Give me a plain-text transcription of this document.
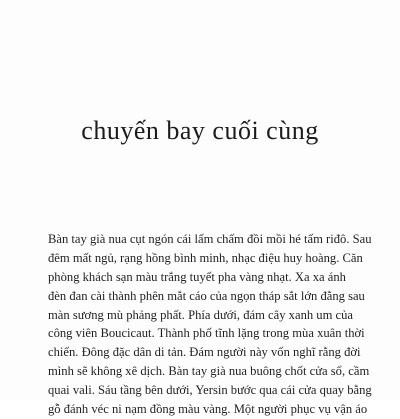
chuyến bay cuối cùng
Bàn tay già nua cụt ngón cái lấm chấm đồi mồi hé tấm riđô. Sau
đêm mất ngủ, rạng hồng bình minh, nhạc điệu huy hoàng. Căn
phòng khách sạn màu trắng tuyết pha vàng nhạt. Xa xa ánh
đèn đan cài thành phên mắt cáo của ngọn tháp sắt lớn đằng sau
màn sương mù phảng phất. Phía dưới, đám cây xanh um của
công viên Boucicaut. Thành phố tĩnh lặng trong mùa xuân thời
chiến. Đông đặc dân di tản. Đám người này vốn nghĩ rằng đời
mình sẽ không xê dịch. Bàn tay già nua buông chốt cửa sổ, cầm
quai vali. Sáu tầng bên dưới, Yersin bước qua cái cửa quay bằng
gỗ đánh véc ni nạm đồng màu vàng. Một người phục vụ vận áo
